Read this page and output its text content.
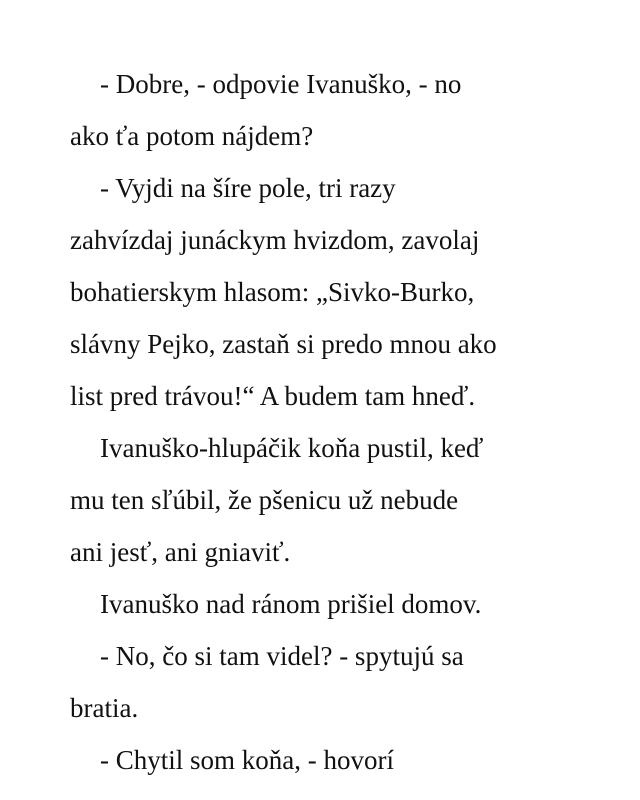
- Dobre, - odpovie Ivanuško, - no
ako ťa potom nájdem?
- Vyjdi na šíre pole, tri razy
zahvízdaj junáckym hvizdom, zavolaj
bohatierskym hlasom: „Sivko-Burko,
slávny Pejko, zastaň si predo mnou ako
list pred trávou!“ A budem tam hneď.
Ivanuško-hlupáčik koňa pustil, keď
mu ten sľúbil, že pšenicu už nebude
ani jesť, ani gniaviť.
Ivanuško nad ránom prišiel domov.
- No, čo si tam videl? - spytujú sa
bratia.
- Chytil som koňa, - hovorí
